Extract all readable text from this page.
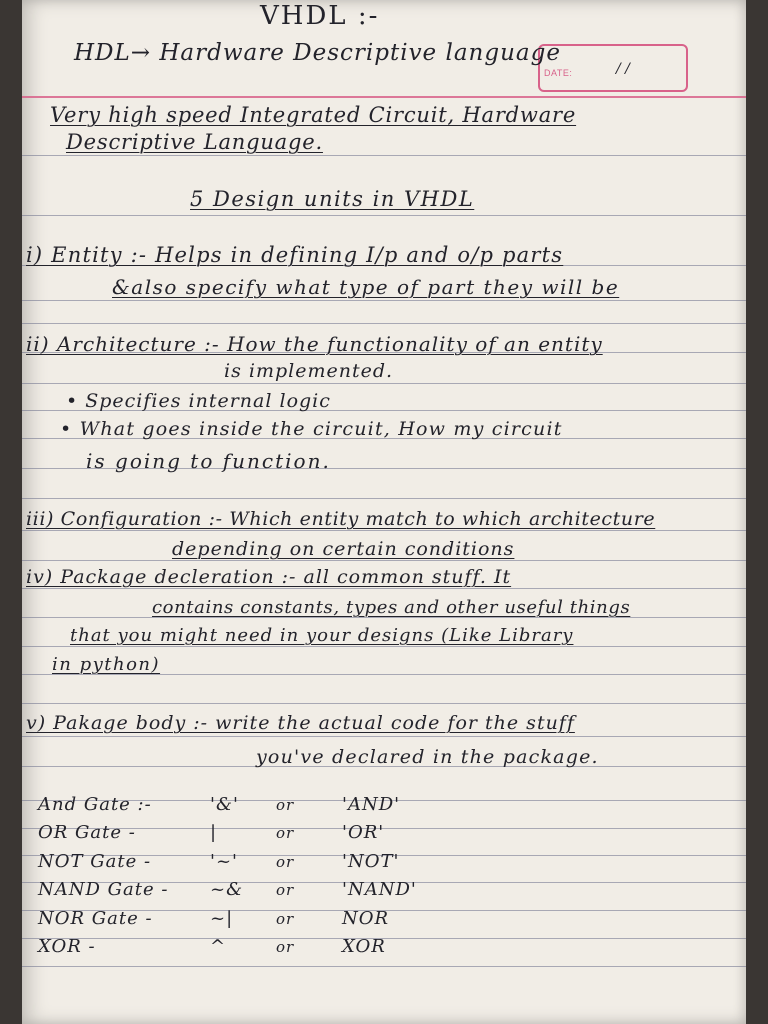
DATE:	/ /
VHDL :-
HDL→ Hardware Descriptive language
Very high speed Integrated Circuit, Hardware
Descriptive Language.
5 Design units in VHDL
i) Entity :- Helps in defining I/p and o/p parts
&also specify what type of part they will be
ii) Architecture :- How the functionality of an entity
is implemented.
• Specifies internal logic
• What goes inside the circuit, How my circuit
is going to function.
iii) Configuration :- Which entity match to which architecture
depending on certain conditions
iv) Package decleration :- all common stuff. It
contains constants, types and other useful things
that you might need in your designs (Like Library
in python)
v) Pakage body :- write the actual code for the stuff
you've declared in the package.
And Gate :-	'&' or	'AND'
OR Gate -	|	or	'OR'
NOT Gate -	'~'	or	'NOT'
NAND Gate - ~& or	'NAND'
NOR Gate -	~|	or	NOR
XOR -	^	or	XOR
